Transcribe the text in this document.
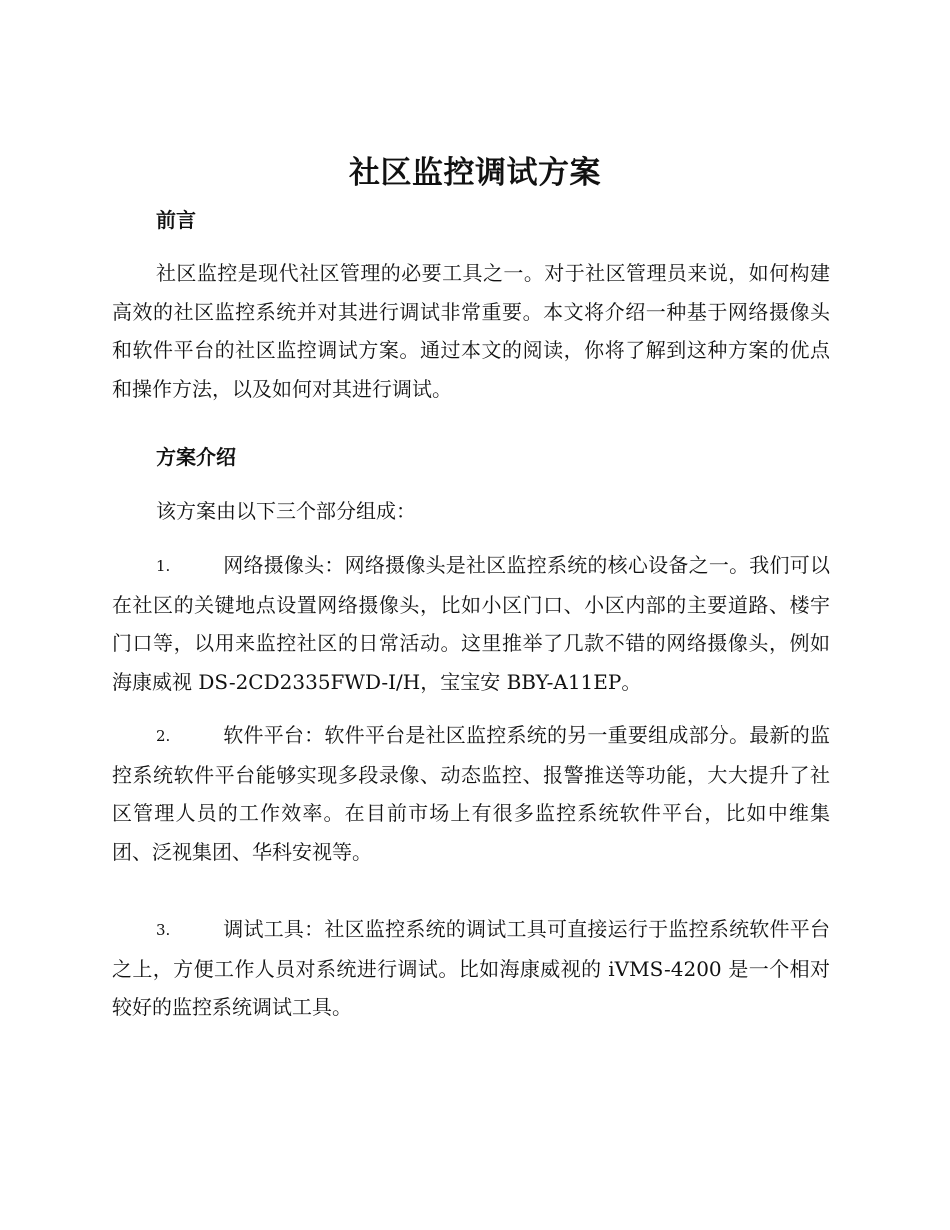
社区监控调试方案
前言

社区监控是现代社区管理的必要工具之一。对于社区管理员来说，如何构建高效的社区监控系统并对其进行调试非常重要。本文将介绍一种基于网络摄像头和软件平台的社区监控调试方案。通过本文的阅读，你将了解到这种方案的优点和操作方法，以及如何对其进行调试。

方案介绍

该方案由以下三个部分组成：

1.	网络摄像头：网络摄像头是社区监控系统的核心设备之一。我们可以在社区的关键地点设置网络摄像头，比如小区门口、小区内部的主要道路、楼宇门口等，以用来监控社区的日常活动。这里推举了几款不错的网络摄像头，例如海康威视 DS-2CD2335FWD-I/H，宝宝安 BBY-A11EP。

2.	软件平台：软件平台是社区监控系统的另一重要组成部分。最新的监控系统软件平台能够实现多段录像、动态监控、报警推送等功能，大大提升了社区管理人员的工作效率。在目前市场上有很多监控系统软件平台，比如中维集团、泛视集团、华科安视等。

3.	调试工具：社区监控系统的调试工具可直接运行于监控系统软件平台之上，方便工作人员对系统进行调试。比如海康威视的 iVMS-4200 是一个相对较好的监控系统调试工具。
